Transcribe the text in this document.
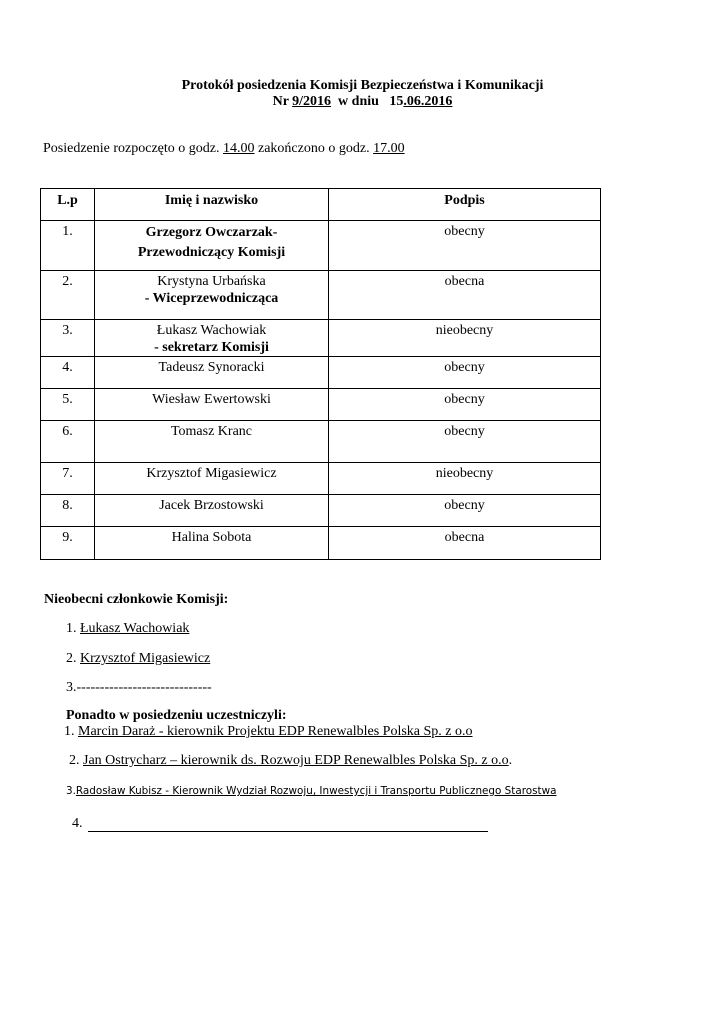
Protokół posiedzenia Komisji Bezpieczeństwa i Komunikacji
Nr 9/2016  w dniu   15.06.2016
Posiedzenie rozpoczęto o godz. 14.00 zakończono o godz. 17.00
L.p	Imię i nazwisko	Podpis
1.	Grzegorz Owczarzak-
Przewodniczący Komisji	obecny
2.	Krystyna Urbańska
- Wiceprzewodnicząca	obecna
3.	Łukasz Wachowiak
- sekretarz Komisji	nieobecny
4.	Tadeusz Synoracki	obecny
5.	Wiesław Ewertowski	obecny
6.	Tomasz Kranc	obecny
7.	Krzysztof Migasiewicz	nieobecny
8.	Jacek Brzostowski	obecny
9.	Halina Sobota	obecna
Nieobecni członkowie Komisji:
1. Łukasz Wachowiak
2. Krzysztof Migasiewicz
3.-----------------------------
Ponadto w posiedzeniu uczestniczyli:
1. Marcin Daraż - kierownik Projektu EDP Renewalbles Polska Sp. z o.o
2. Jan Ostrycharz – kierownik ds. Rozwoju EDP Renewalbles Polska Sp. z o.o.
3.Radosław Kubisz - Kierownik Wydział Rozwoju, Inwestycji i Transportu Publicznego Starostwa
4.
